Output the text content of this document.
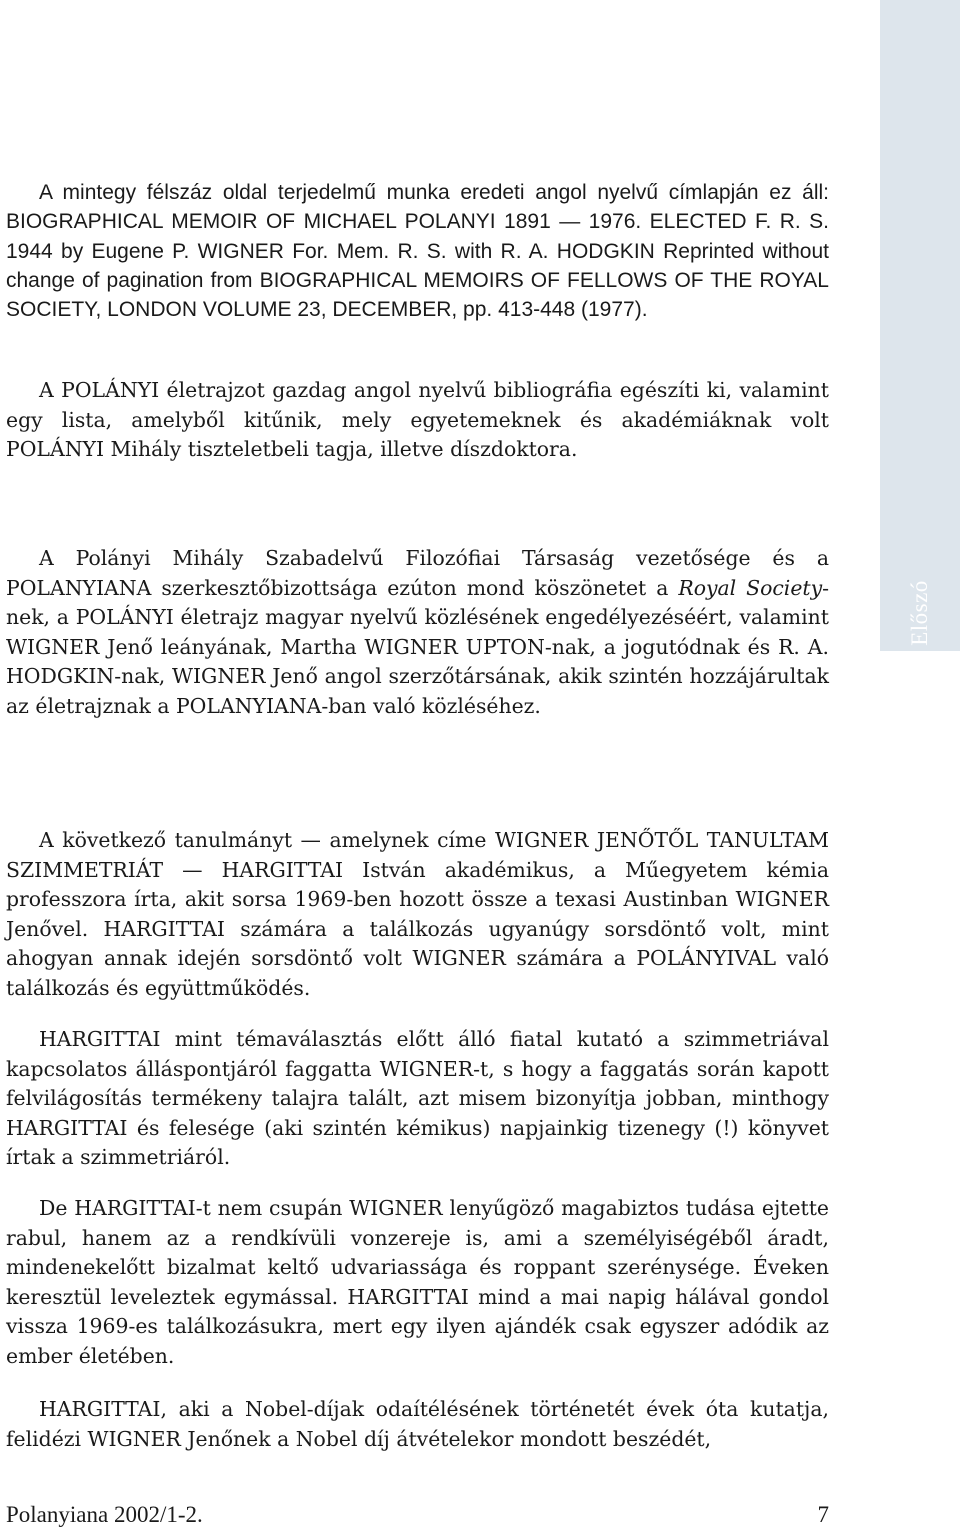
Előszó

A mintegy félszáz oldal terjedelmű munka eredeti angol nyelvű címlapján ez áll: BIOGRAPHICAL MEMOIR OF MICHAEL POLANYI 1891 — 1976. ELECTED F. R. S. 1944 by Eugene P. WIGNER For. Mem. R. S. with R. A. HODGKIN Reprinted without change of pagination from BIOGRAPHICAL MEMOIRS OF FELLOWS OF THE ROYAL SOCIETY, LONDON VOLUME 23, DECEMBER, pp. 413-448 (1977).

A POLÁNYI életrajzot gazdag angol nyelvű bibliográfia egészíti ki, valamint egy lista, amelyből kitűnik, mely egyetemeknek és akadémiáknak volt POLÁNYI Mihály tiszteletbeli tagja, illetve díszdoktora.

A Polányi Mihály Szabadelvű Filozófiai Társaság vezetősége és a POLANYIANA szerkesztőbizottsága ezúton mond köszönetet a Royal Society-nek, a POLÁNYI életrajz magyar nyelvű közlésének engedélyezéséért, valamint WIGNER Jenő leányának, Martha WIGNER UPTON-nak, a jogutódnak és R. A. HODGKIN-nak, WIGNER Jenő angol szerzőtársának, akik szintén hozzájárultak az életrajznak a POLANYIANA-ban való közléséhez.

A következő tanulmányt — amelynek címe WIGNER JENŐTŐL TANULTAM SZIMMETRIÁT — HARGITTAI István akadémikus, a Műegyetem kémia professzora írta, akit sorsa 1969-ben hozott össze a texasi Austinban WIGNER Jenővel. HARGITTAI számára a találkozás ugyanúgy sorsdöntő volt, mint ahogyan annak idején sorsdöntő volt WIGNER számára a POLÁNYIVAL való találkozás és együttműködés.

HARGITTAI mint témaválasztás előtt álló fiatal kutató a szimmetriával kapcsolatos álláspontjáról faggatta WIGNER-t, s hogy a faggatás során kapott felvilágosítás termékeny talajra talált, azt misem bizonyítja jobban, minthogy HARGITTAI és felesége (aki szintén kémikus) napjainkig tizenegy (!) könyvet írtak a szimmetriáról.

De HARGITTAI-t nem csupán WIGNER lenyűgöző magabiztos tudása ejtette rabul, hanem az a rendkívüli vonzereje is, ami a személyiségéből áradt, mindenekelőtt bizalmat keltő udvariassága és roppant szerénysége. Éveken keresztül leveleztek egymással. HARGITTAI mind a mai napig hálával gondol vissza 1969-es találkozásukra, mert egy ilyen ajándék csak egyszer adódik az ember életében.

HARGITTAI, aki a Nobel-díjak odaítélésének történetét évek óta kutatja, felidézi WIGNER Jenőnek a Nobel díj átvételekor mondott beszédét,

Polanyiana 2002/1-2.	7
